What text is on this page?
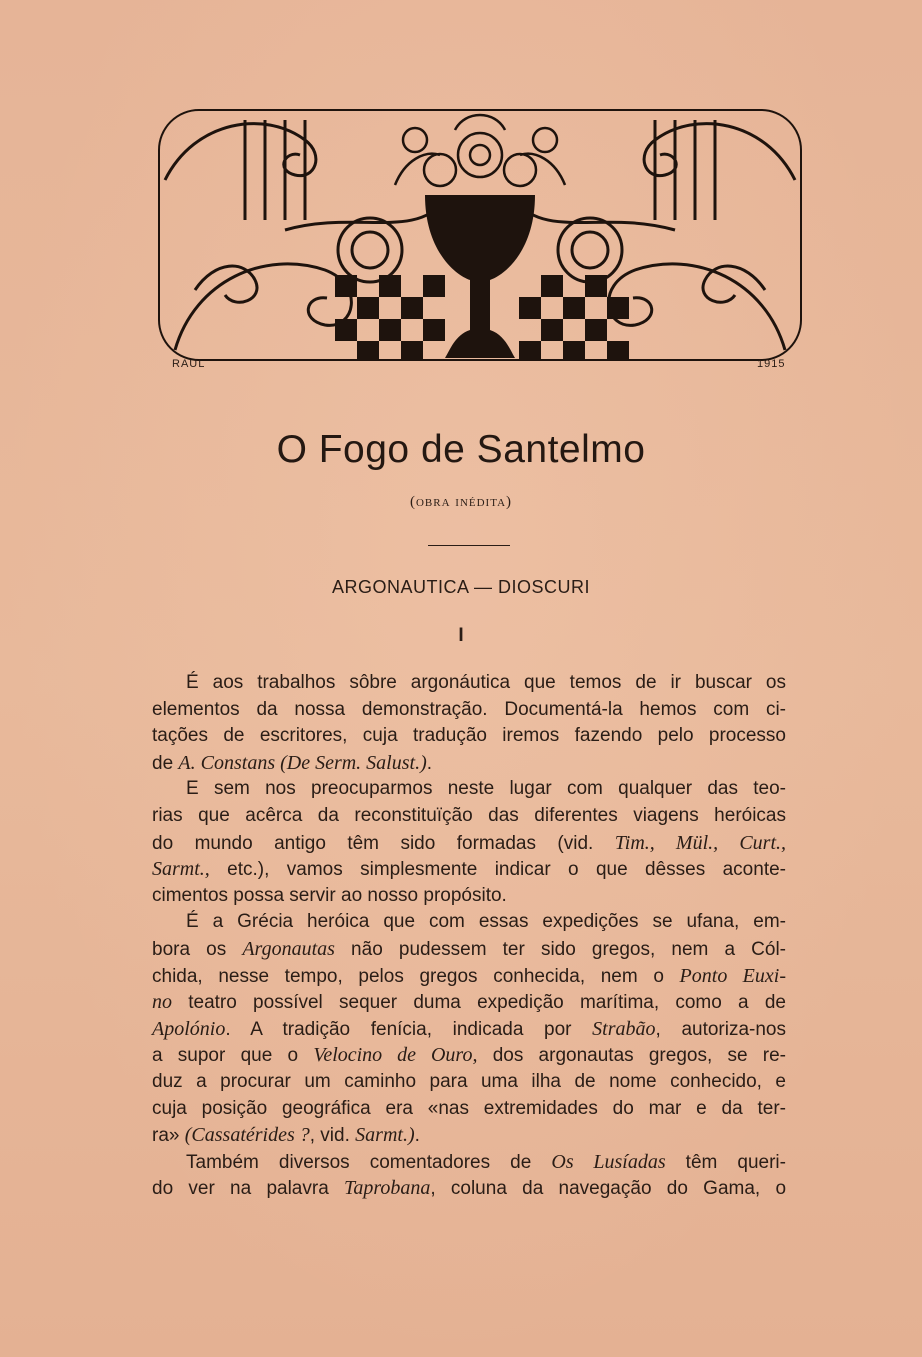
RAUL	1915
O Fogo de Santelmo
(obra inédita)
ARGONAUTICA — DIOSCURI
I
É aos trabalhos sôbre argonáutica que temos de ir buscar os
elementos da nossa demonstração. Documentá-la hemos com ci-
tações de escritores, cuja tradução iremos fazendo pelo processo
de A. Constans (De Serm. Salust.).
E sem nos preocuparmos neste lugar com qualquer das teo-
rias que acêrca da reconstituïção das diferentes viagens heróicas
do mundo antigo têm sido formadas (vid. Tim., Mül., Curt.,
Sarmt., etc.), vamos simplesmente indicar o que dêsses aconte-
cimentos possa servir ao nosso propósito.
É a Grécia heróica que com essas expedições se ufana, em-
bora os Argonautas não pudessem ter sido gregos, nem a Cól-
chida, nesse tempo, pelos gregos conhecida, nem o Ponto Euxi-
no teatro possível sequer duma expedição marítima, como a de
Apolónio. A tradição fenícia, indicada por Strabão, autoriza-nos
a supor que o Velocino de Ouro, dos argonautas gregos, se re-
duz a procurar um caminho para uma ilha de nome conhecido, e
cuja posição geográfica era «nas extremidades do mar e da ter-
ra» (Cassatérides ?, vid. Sarmt.).
Também diversos comentadores de Os Lusíadas têm queri-
do ver na palavra Taprobana, coluna da navegação do Gama, o
